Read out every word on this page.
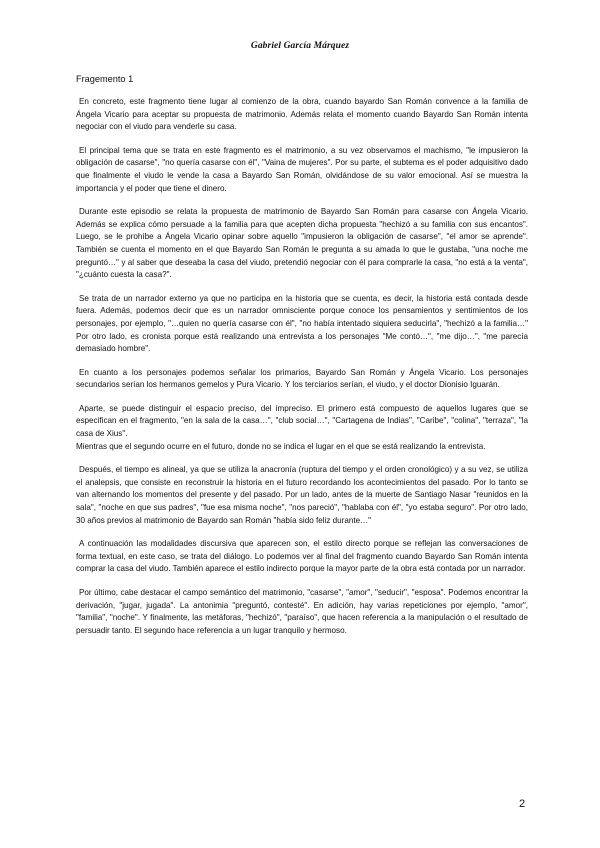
Gabriel García Márquez
Fragemento 1

En concreto, este fragmento tiene lugar al comienzo de la obra, cuando bayardo San Román convence a la familia de Ángela Vicario para aceptar su propuesta de matrimonio. Además relata el momento cuando Bayardo San Román intenta negociar con el viudo para venderle su casa.

El principal tema que se trata en este fragmento es el matrimonio, a su vez observamos el machismo, "le impusieron la obligación de casarse", "no quería casarse con él", "Vaina de mujeres". Por su parte, el subtema es el poder adquisitivo dado que finalmente el viudo le vende la casa a Bayardo San Román, olvidándose de su valor emocional. Así se muestra la importancia y el poder que tiene el dinero.

Durante este episodio se relata la propuesta de matrimonio de Bayardo San Román para casarse con Ángela Vicario. Además se explica cómo persuade a la familia para que acepten dicha propuesta "hechizó a su familia con sus encantos". Luego, se le prohíbe a Ángela Vicario opinar sobre aquello "impusieron la obligación de casarse", "el amor se aprende". También se cuenta el momento en el que Bayardo San Román le pregunta a su amada lo que le gustaba, "una noche me preguntó…" y al saber que deseaba la casa del viudo, pretendió negociar con él para comprarle la casa, "no está a la venta", "¿cuánto cuesta la casa?".

Se trata de un narrador externo ya que no participa en la historia que se cuenta, es decir, la historia está contada desde fuera. Además, podemos decir que es un narrador omnisciente porque conoce los pensamientos y sentimientos de los personajes, por ejemplo, "…quien no quería casarse con él", "no había intentado siquiera seducirla", "hechizó a la familia…" Por otro lado, es cronista porque está realizando una entrevista a los personajes "Me contó…", "me dijo…", "me parecía demasiado hombre".

En cuanto a los personajes podemos señalar los primarios, Bayardo San Román y Ángela Vicario. Los personajes secundarios serían los hermanos gemelos y Pura Vicario. Y los terciarios serían, el viudo, y el doctor Dionisio Iguarán.

Aparte, se puede distinguir el espacio preciso, del impreciso. El primero está compuesto de aquellos lugares que se especifican en el fragmento, "en la sala de la casa…", "club social…", "Cartagena de Indias", "Caribe", "colina", "terraza", "la casa de Xius".

Mientras que el segundo ocurre en el futuro, donde no se indica el lugar en el que se está realizando la entrevista.

Después, el tiempo es alineal, ya que se utiliza la anacronía (ruptura del tiempo y el orden cronológico) y a su vez, se utiliza el analepsis, que consiste en reconstruir la historia en el futuro recordando los acontecimientos del pasado. Por lo tanto se van alternando los momentos del presente y del pasado. Por un lado, antes de la muerte de Santiago Nasar "reunidos en la sala", "noche en que sus padres", "fue esa misma noche", "nos pareció", "hablaba con él", "yo estaba seguro". Por otro lado, 30 años previos al matrimonio de Bayardo san Román "había sido feliz durante…"

A continuación las modalidades discursiva que aparecen son, el estilo directo porque se reflejan las conversaciones de forma textual, en este caso, se trata del diálogo. Lo podemos ver al final del fragmento cuando Bayardo San Román intenta comprar la casa del viudo. También aparece el estilo indirecto porque la mayor parte de la obra está contada por un narrador.

Por último, cabe destacar el campo semántico del matrimonio, "casarse", "amor", "seducir", "esposa". Podemos encontrar la derivación, "jugar, jugada". La antonimia "preguntó, contesté". En adición, hay varias repeticiones por ejemplo, "amor", "familia", "noche". Y finalmente, las metáforas, "hechizó", "paraíso", que hacen referencia a la manipulación o el resultado de persuadir tanto. El segundo hace referencia a un lugar tranquilo y hermoso.

2
